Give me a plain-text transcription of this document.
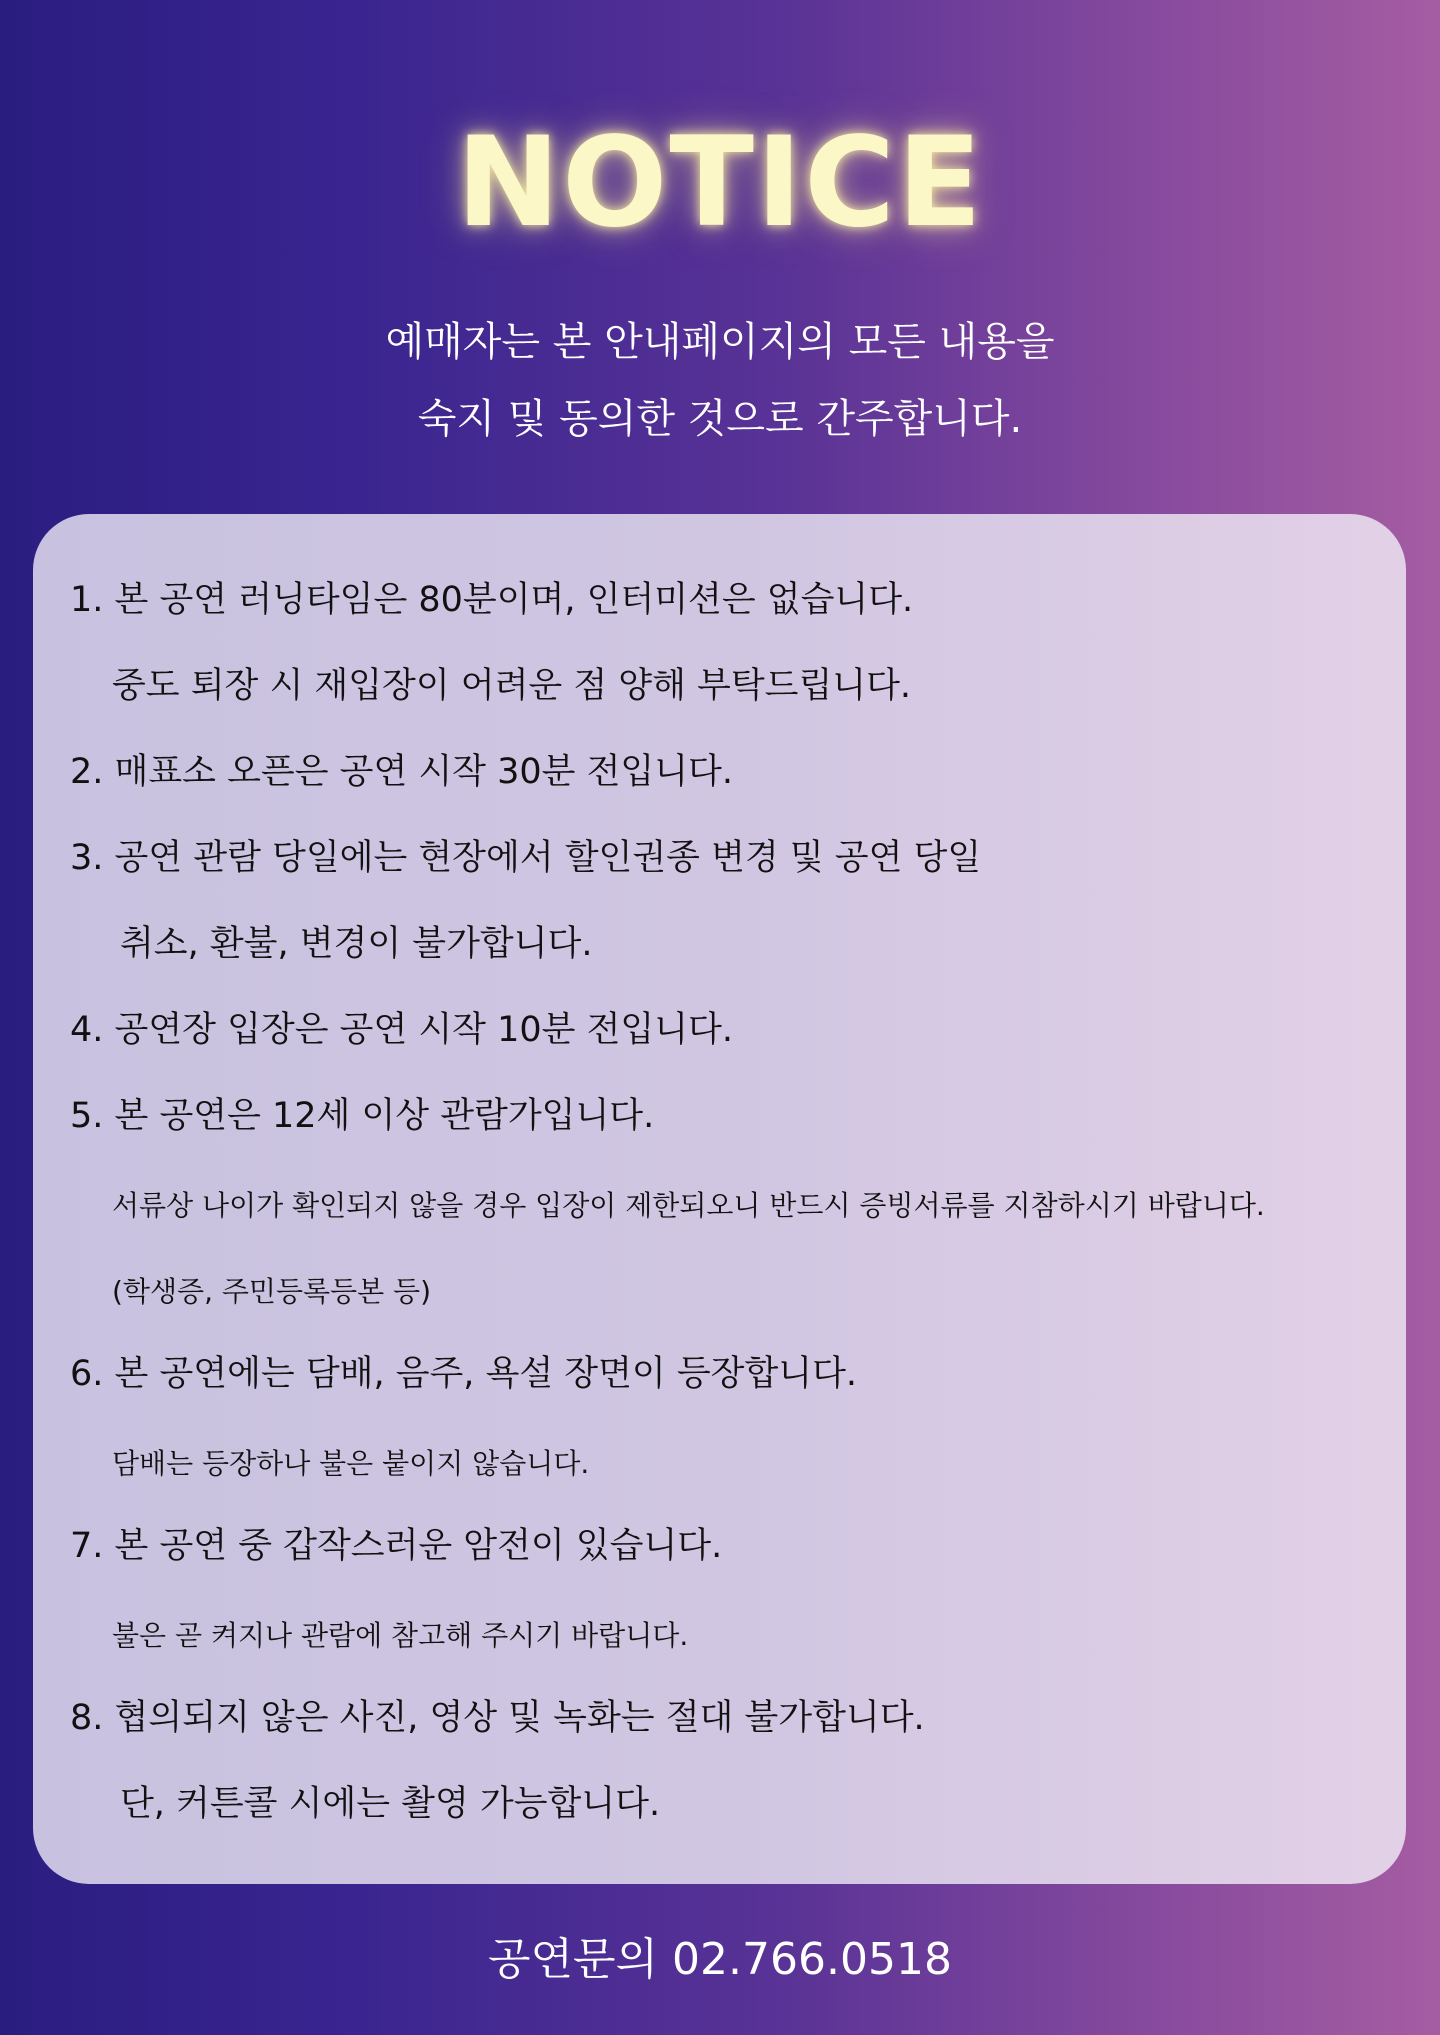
NOTICE
예매자는 본 안내페이지의 모든 내용을
숙지 및 동의한 것으로 간주합니다.
1. 본 공연 러닝타임은 80분이며, 인터미션은 없습니다.
중도 퇴장 시 재입장이 어려운 점 양해 부탁드립니다.
2. 매표소 오픈은 공연 시작 30분 전입니다.
3. 공연 관람 당일에는 현장에서 할인권종 변경 및 공연 당일
취소, 환불, 변경이 불가합니다.
4. 공연장 입장은 공연 시작 10분 전입니다.
5. 본 공연은 12세 이상 관람가입니다.
서류상 나이가 확인되지 않을 경우 입장이 제한되오니 반드시 증빙서류를 지참하시기 바랍니다.
(학생증, 주민등록등본 등)
6. 본 공연에는 담배, 음주, 욕설 장면이 등장합니다.
담배는 등장하나 불은 붙이지 않습니다.
7. 본 공연 중 갑작스러운 암전이 있습니다.
불은 곧 켜지나 관람에 참고해 주시기 바랍니다.
8. 협의되지 않은 사진, 영상 및 녹화는 절대 불가합니다.
단, 커튼콜 시에는 촬영 가능합니다.
공연문의 02.766.0518
